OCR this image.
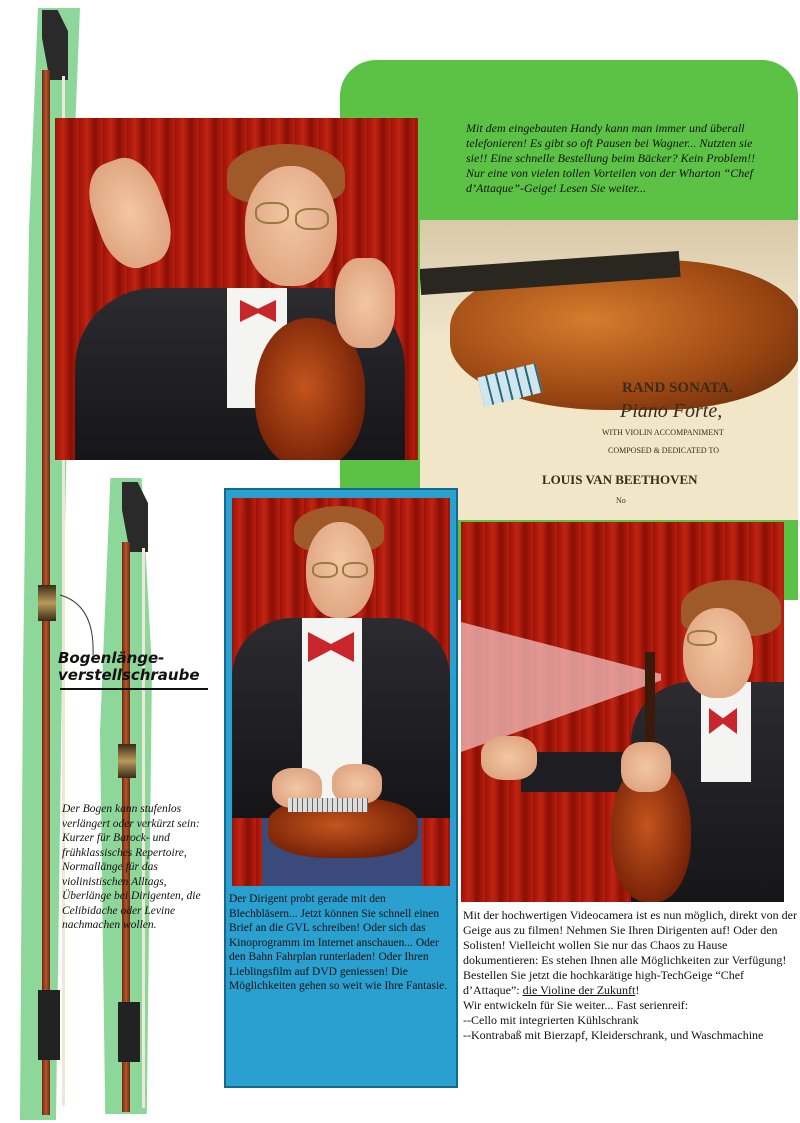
RAND SONATA.
Piano Forte,
WITH VIOLIN ACCOMPANIMENT
COMPOSED & DEDICATED TO
LOUIS VAN BEETHOVEN
No
Mit dem eingebauten Handy kann man immer und überall telefonieren! Es gibt so oft Pausen bei Wagner... Nutzten sie sie!! Eine schnelle Bestellung beim Bäcker? Kein Problem!! Nur eine von vielen tollen Vorteilen von der Wharton “Chef d’Attaque”-Geige! Lesen Sie weiter...
Bogenlänge-
verstellschraube
Der Bogen kann stufenlos verlängert oder verkürzt sein: Kurzer für Barock- und frühklassisches Repertoire, Normallänge für das violinistischen Alltags, Überlänge bei Dirigenten, die Celibidache oder Levine nachmachen wollen.
Der Dirigent probt gerade mit den Blechbläsern... Jetzt können Sie schnell einen Brief an die GVL schreiben! Oder sich das Kinoprogramm im Internet anschauen... Oder den Bahn Fahrplan runterladen! Oder Ihren Lieblingsfilm auf DVD geniessen! Die Möglichkeiten gehen so weit wie Ihre Fantasie.

Mit der hochwertigen Videocamera ist es nun möglich, direkt von der Geige aus zu filmen! Nehmen Sie Ihren Dirigenten auf! Oder den Solisten! Vielleicht wollen Sie nur das Chaos zu Hause dokumentieren: Es stehen Ihnen alle Möglichkeiten zur Verfügung!

Bestellen Sie jetzt die hochkarätige high-TechGeige “Chef d’Attaque”: die Violine der Zukunft!

Wir entwickeln für Sie weiter... Fast serienreif:

--Cello mit integrierten Kühlschrank

--Kontrabaß mit Bierzapf, Kleiderschrank, und Waschmachine
